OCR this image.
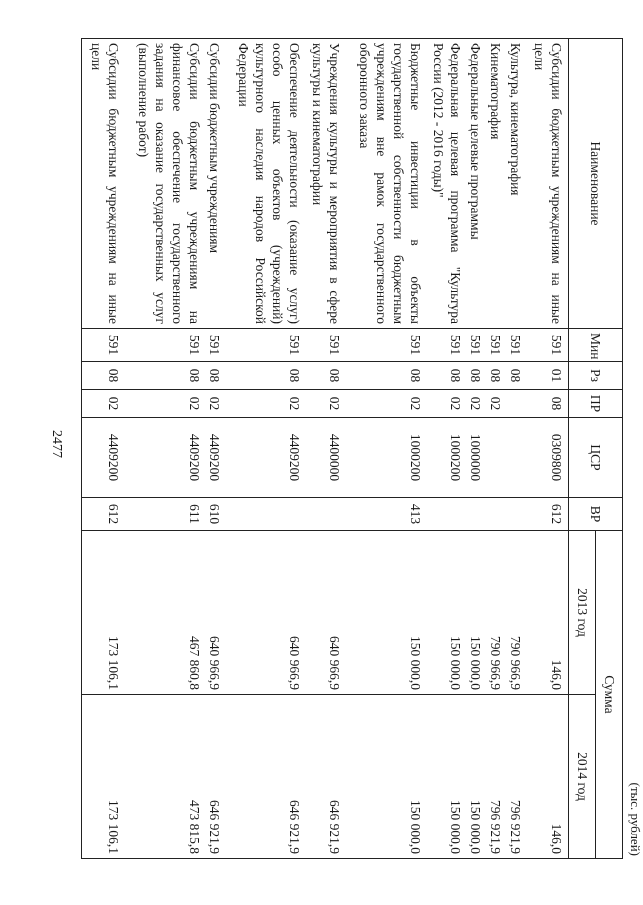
2477
(тыс. рублей)
Наименование	Мин	Рз	ПР	ЦСР	ВР	Сумма	
						2013 год	2014 год
Субсидии бюджетным учреждениям на иные цели	591	01	08	0309800	612	146,0	146,0
Культура, кинематография	591	08				790 966,9	796 921,9
Кинематография	591	08	02			790 966,9	796 921,9
Федеральные целевые программы	591	08	02	1000000		150 000,0	150 000,0
Федеральная целевая программа "Культура России (2012 - 2016 годы)"	591	08	02	1000200		150 000,0	150 000,0
Бюджетные инвестиции в объекты государственной собственности бюджетным учреждениям вне рамок государственного оборонного заказа	591	08	02	1000200	413	150 000,0	150 000,0
Учреждения культуры и мероприятия в сфере культуры и кинематографии	591	08	02	4400000		640 966,9	646 921,9
Обеспечение деятельности (оказание услуг) особо ценных объектов (учреждений) культурного наследия народов Российской Федерации	591	08	02	4409200		640 966,9	646 921,9
Субсидии бюджетным учреждениям	591	08	02	4409200	610	640 966,9	646 921,9
Субсидии бюджетным учреждениям на финансовое обеспечение государственного задания на оказание государственных услуг (выполнение работ)	591	08	02	4409200	611	467 860,8	473 815,8
Субсидии бюджетным учреждениям на иные цели	591	08	02	4409200	612	173 106,1	173 106,1
